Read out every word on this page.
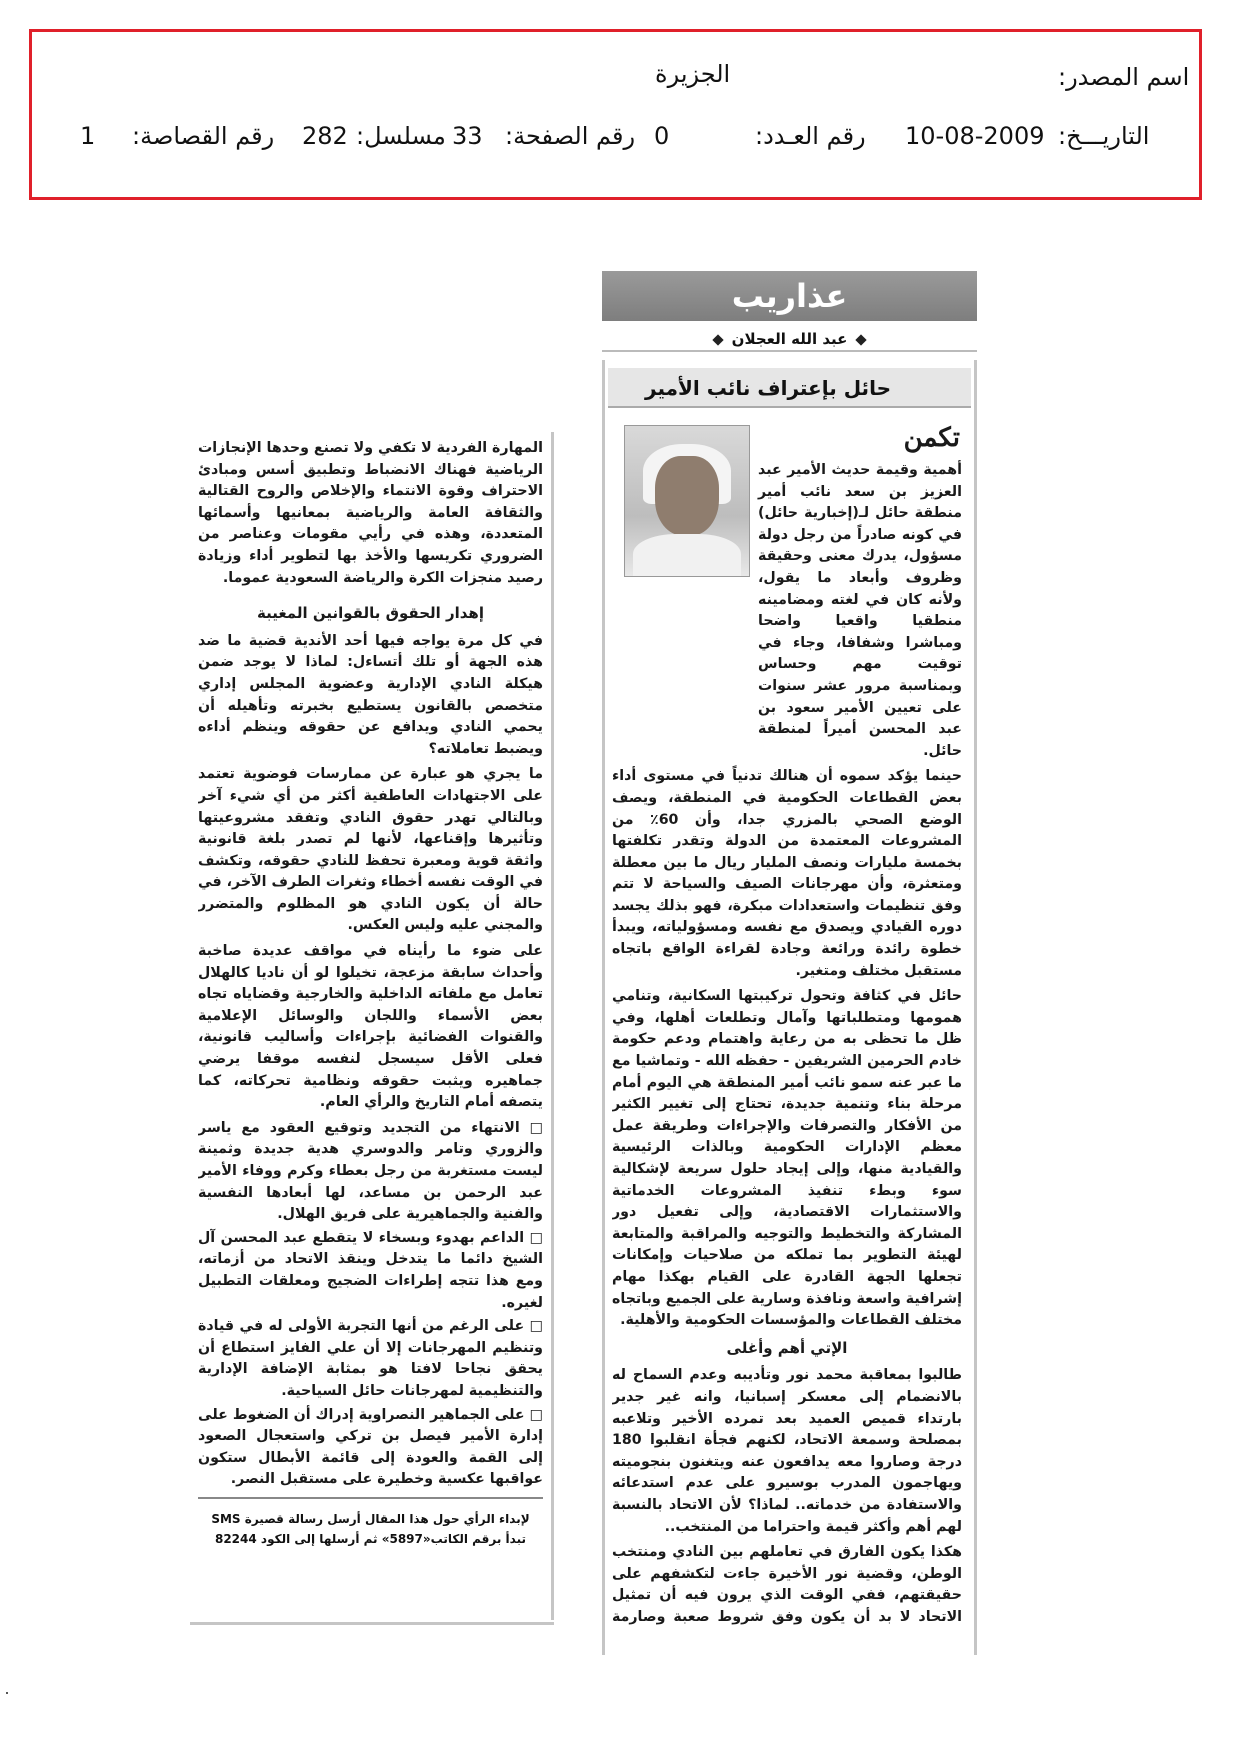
اسم المصدر:
الجزيرة
التاريـــخ:
10-08-2009
رقم العـدد:
0
رقم الصفحة:
33
مسلسل:
282
رقم القصاصة:
1
عذاريب
عبد الله العجلان
حائل بإعتراف نائب الأمير
تكمن
أهمية وقيمة حديث الأمير عبد العزيز بن سعد نائب أمير منطقة حائل لـ(إخبارية حائل) في كونه صادراً من رجل دولة مسؤول، يدرك معنى وحقيقة وظروف وأبعاد ما يقول، ولأنه كان في لغته ومضامينه منطقيا واقعيا واضحا ومباشرا وشفافا، وجاء في توقيت مهم وحساس وبمناسبة مرور عشر سنوات على تعيين الأمير سعود بن عبد المحسن أميراً لمنطقة حائل.
حينما يؤكد سموه أن هنالك تدنياً في مستوى أداء بعض القطاعات الحكومية في المنطقة، ويصف الوضع الصحي بالمزري جدا، وأن 60٪ من المشروعات المعتمدة من الدولة وتقدر تكلفتها بخمسة مليارات ونصف المليار ريال ما بين معطلة ومتعثرة، وأن مهرجانات الصيف والسياحة لا تتم وفق تنظيمات واستعدادات مبكرة، فهو بذلك يجسد دوره القيادي ويصدق مع نفسه ومسؤولياته، ويبدأ خطوة رائدة ورائعة وجادة لقراءة الواقع باتجاه مستقبل مختلف ومتغير.
حائل في كثافة وتحول تركيبتها السكانية، وتنامي همومها ومتطلباتها وآمال وتطلعات أهلها، وفي ظل ما تحظى به من رعاية واهتمام ودعم حكومة خادم الحرمين الشريفين - حفظه الله - وتماشيا مع ما عبر عنه سمو نائب أمير المنطقة هي اليوم أمام مرحلة بناء وتنمية جديدة، تحتاج إلى تغيير الكثير من الأفكار والتصرفات والإجراءات وطريقة عمل معظم الإدارات الحكومية وبالذات الرئيسية والقيادية منها، وإلى إيجاد حلول سريعة لإشكالية سوء وبطء تنفيذ المشروعات الخدماتية والاستثمارات الاقتصادية، وإلى تفعيل دور المشاركة والتخطيط والتوجيه والمراقبة والمتابعة لهيئة التطوير بما تملكه من صلاحيات وإمكانات تجعلها الجهة القادرة على القيام بهكذا مهام إشرافية واسعة ونافذة وسارية على الجميع وباتجاه مختلف القطاعات والمؤسسات الحكومية والأهلية.
الإتي أهم وأغلى
طالبوا بمعاقبة محمد نور وتأديبه وعدم السماح له بالانضمام إلى معسكر إسبانيا، وانه غير جدير بارتداء قميص العميد بعد تمرده الأخير وتلاعبه بمصلحة وسمعة الاتحاد، لكنهم فجأة انقلبوا 180 درجة وصاروا معه يدافعون عنه ويتغنون بنجوميته ويهاجمون المدرب بوسيرو على عدم استدعائه والاستفادة من خدماته.. لماذا؟ لأن الاتحاد بالنسبة لهم أهم وأكثر قيمة واحتراما من المنتخب..
هكذا يكون الفارق في تعاملهم بين النادي ومنتخب الوطن، وقضية نور الأخيرة جاءت لتكشفهم على حقيقتهم، ففي الوقت الذي يرون فيه أن تمثيل الاتحاد لا بد أن يكون وفق شروط صعبة وصارمة
المهارة الفردية لا تكفي ولا تصنع وحدها الإنجازات الرياضية فهناك الانضباط وتطبيق أسس ومبادئ الاحتراف وقوة الانتماء والإخلاص والروح القتالية والثقافة العامة والرياضية بمعانيها وأسمائها المتعددة، وهذه في رأيي مقومات وعناصر من الضروري تكريسها والأخذ بها لتطوير أداء وزيادة رصيد منجزات الكرة والرياضة السعودية عموما.
إهدار الحقوق بالقوانين المغيبة
في كل مرة يواجه فيها أحد الأندية قضية ما ضد هذه الجهة أو تلك أتساءل: لماذا لا يوجد ضمن هيكلة النادي الإدارية وعضوية المجلس إداري متخصص بالقانون يستطيع بخبرته وتأهيله أن يحمي النادي ويدافع عن حقوقه وينظم أداءه ويضبط تعاملاته؟
ما يجري هو عبارة عن ممارسات فوضوية تعتمد على الاجتهادات العاطفية أكثر من أي شيء آخر وبالتالي تهدر حقوق النادي وتفقد مشروعيتها وتأثيرها وإقناعها، لأنها لم تصدر بلغة قانونية واثقة قوية ومعبرة تحفظ للنادي حقوقه، وتكشف في الوقت نفسه أخطاء وثغرات الطرف الآخر، في حالة أن يكون النادي هو المظلوم والمتضرر والمجني عليه وليس العكس.
على ضوء ما رأيناه في مواقف عديدة صاخبة وأحداث سابقة مزعجة، تخيلوا لو أن ناديا كالهلال تعامل مع ملفاته الداخلية والخارجية وقضاياه تجاه بعض الأسماء واللجان والوسائل الإعلامية والقنوات الفضائية بإجراءات وأساليب قانونية، فعلى الأقل سيسجل لنفسه موقفا يرضي جماهيره ويثبت حقوقه ونظامية تحركاته، كما يتصفه أمام التاريخ والرأي العام.
□ الانتهاء من التجديد وتوقيع العقود مع ياسر والزوري وتامر والدوسري هدية جديدة وثمينة ليست مستغربة من رجل بعطاء وكرم ووفاء الأمير عبد الرحمن بن مساعد، لها أبعادها النفسية والفنية والجماهيرية على فريق الهلال.
□ الداعم بهدوء وبسخاء لا يتقطع عبد المحسن آل الشيخ دائما ما يتدخل وينقذ الاتحاد من أزماته، ومع هذا تتجه إطراءات الضجيج ومعلقات التطبيل لغيره.
□ على الرغم من أنها التجربة الأولى له في قيادة وتنظيم المهرجانات إلا أن علي الفايز استطاع أن يحقق نجاحا لافتا هو بمثابة الإضافة الإدارية والتنظيمية لمهرجانات حائل السياحية.
□ على الجماهير النصراوية إدراك أن الضغوط على إدارة الأمير فيصل بن تركي واستعجال الصعود إلى القمة والعودة إلى قائمة الأبطال ستكون عواقبها عكسية وخطيرة على مستقبل النصر.
لإبداء الرأي حول هذا المقال أرسل رسالة قصيرة SMS
تبدأ برقم الكاتب«5897» ثم أرسلها إلى الكود 82244
